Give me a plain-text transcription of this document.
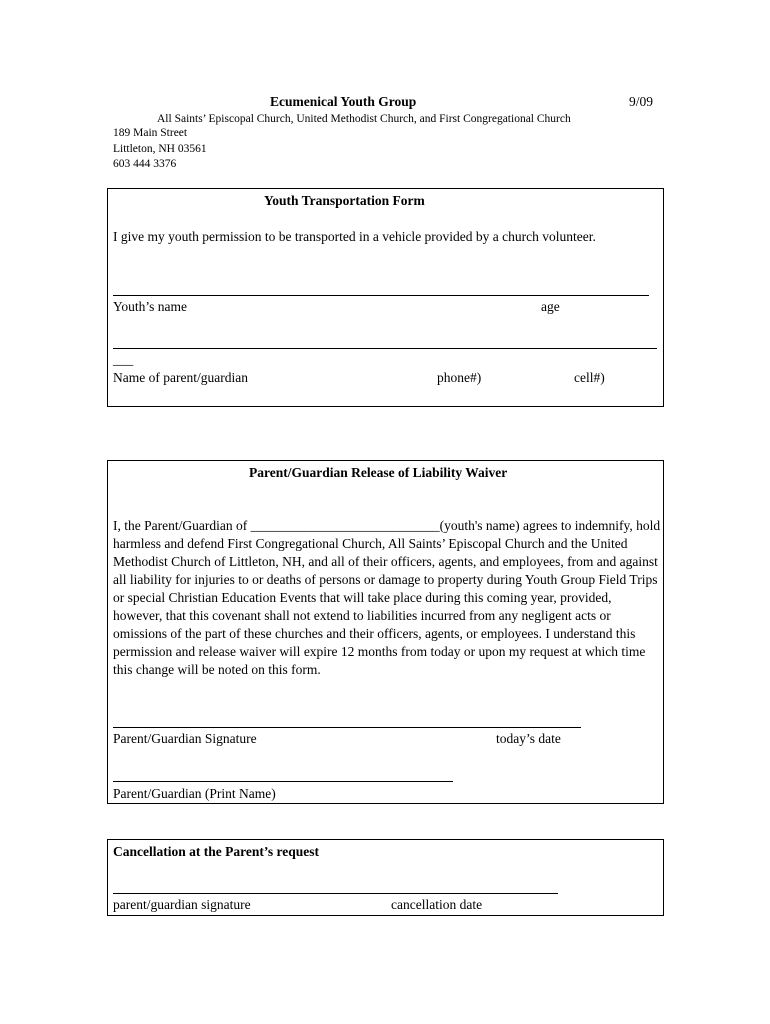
Ecumenical Youth Group	9/09
All Saints’ Episcopal Church, United Methodist Church, and First Congregational Church
189 Main Street
Littleton, NH 03561
603 444 3376
Youth Transportation Form
I give my youth permission to be transported in a vehicle provided by a church volunteer.
Youth’s name	age
___
Name of parent/guardian	phone#)	cell#)
Parent/Guardian Release of Liability Waiver
I, the Parent/Guardian of ____________________________(youth's name) agrees to indemnify, hold harmless and defend First Congregational Church, All Saints’ Episcopal Church and the United Methodist Church of Littleton, NH, and all of their officers, agents, and employees, from and against all liability for injuries to or deaths of persons or damage to property during Youth Group Field Trips or special Christian Education Events that will take place during this coming year, provided, however, that this covenant shall not extend to liabilities incurred from any negligent acts or omissions of the part of these churches and their officers, agents, or employees. I understand this permission and release waiver will expire 12 months from today or upon my request at which time this change will be noted on this form.
Parent/Guardian Signature	today’s date
Parent/Guardian (Print Name)
Cancellation at the Parent’s request
parent/guardian signature	cancellation date
